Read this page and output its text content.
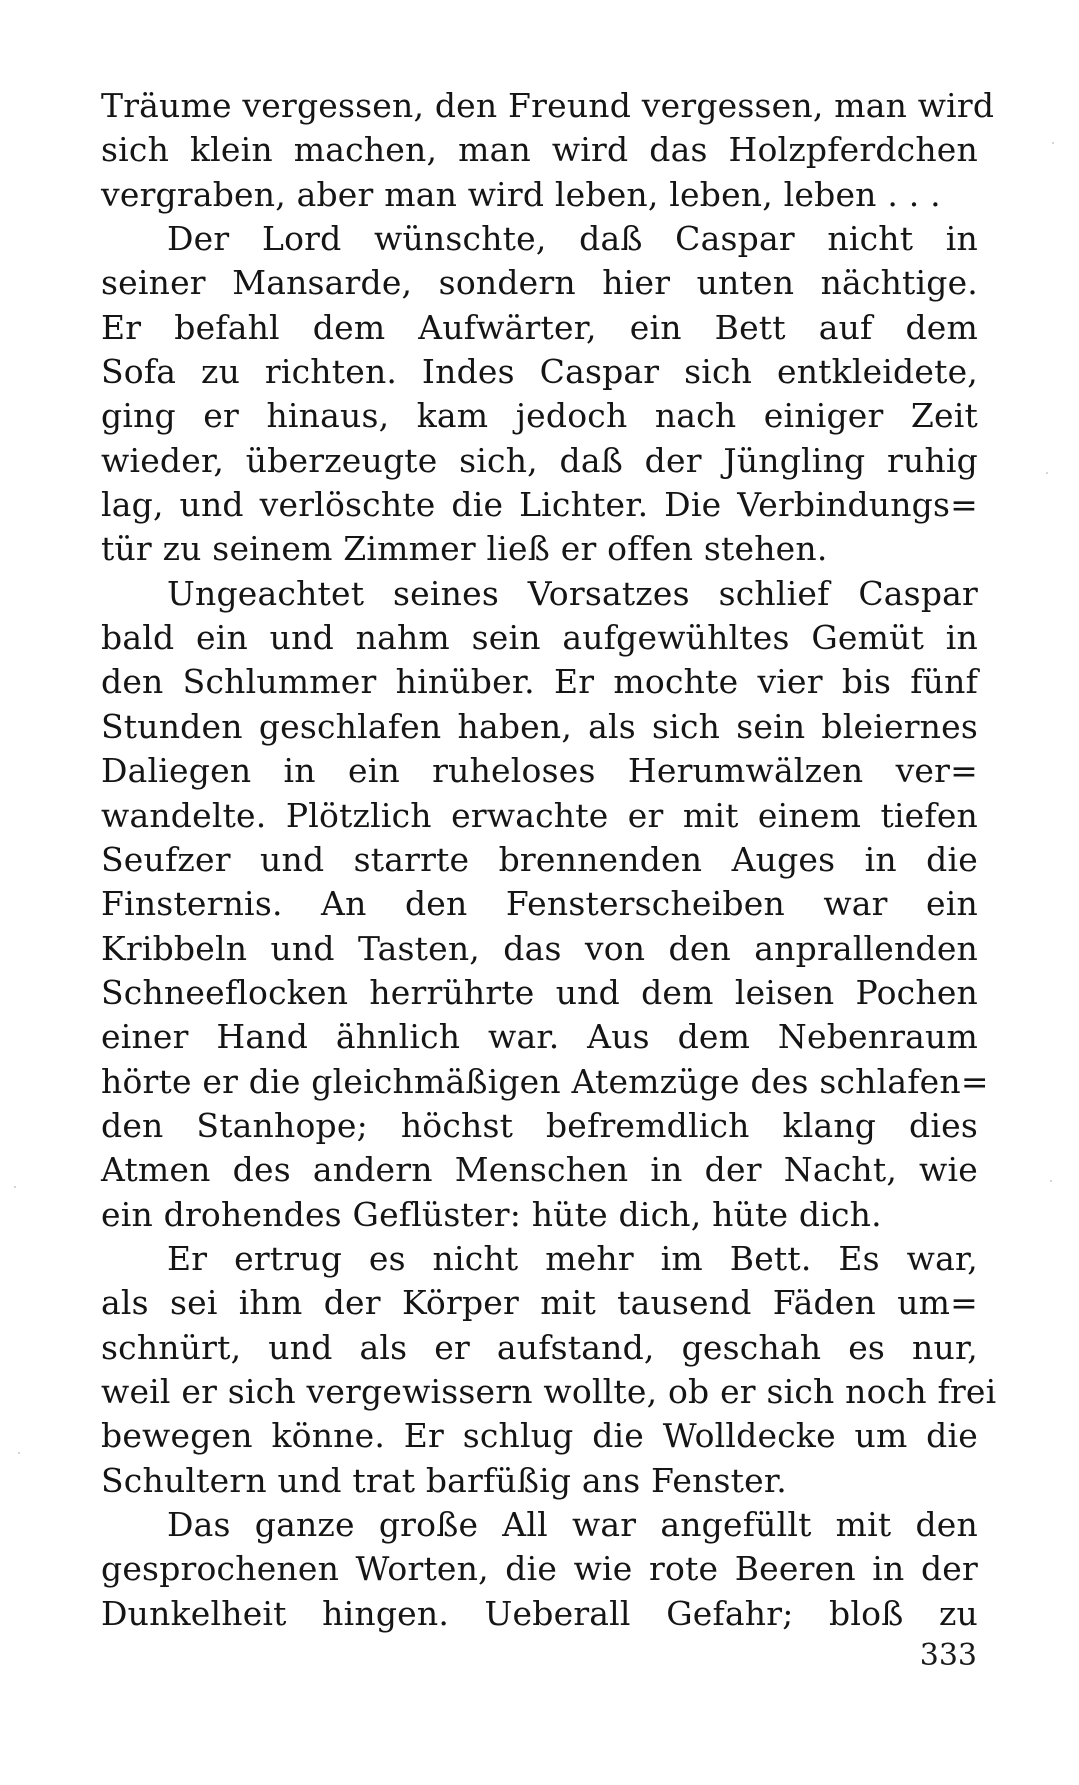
Träume vergessen, den Freund vergessen, man wird
sich klein machen, man wird das Holzpferdchen
vergraben, aber man wird leben, leben, leben . . .
Der Lord wünschte, daß Caspar nicht in
seiner Mansarde, sondern hier unten nächtige.
Er befahl dem Aufwärter, ein Bett auf dem
Sofa zu richten. Indes Caspar sich entkleidete,
ging er hinaus, kam jedoch nach einiger Zeit
wieder, überzeugte sich, daß der Jüngling ruhig
lag, und verlöschte die Lichter. Die Verbindungs=
tür zu seinem Zimmer ließ er offen stehen.
Ungeachtet seines Vorsatzes schlief Caspar
bald ein und nahm sein aufgewühltes Gemüt in
den Schlummer hinüber. Er mochte vier bis fünf
Stunden geschlafen haben, als sich sein bleiernes
Daliegen in ein ruheloses Herumwälzen ver=
wandelte. Plötzlich erwachte er mit einem tiefen
Seufzer und starrte brennenden Auges in die
Finsternis. An den Fensterscheiben war ein
Kribbeln und Tasten, das von den anprallenden
Schneeflocken herrührte und dem leisen Pochen
einer Hand ähnlich war. Aus dem Nebenraum
hörte er die gleichmäßigen Atemzüge des schlafen=
den Stanhope; höchst befremdlich klang dies
Atmen des andern Menschen in der Nacht, wie
ein drohendes Geflüster: hüte dich, hüte dich.
Er ertrug es nicht mehr im Bett. Es war,
als sei ihm der Körper mit tausend Fäden um=
schnürt, und als er aufstand, geschah es nur,
weil er sich vergewissern wollte, ob er sich noch frei
bewegen könne. Er schlug die Wolldecke um die
Schultern und trat barfüßig ans Fenster.
Das ganze große All war angefüllt mit den
gesprochenen Worten, die wie rote Beeren in der
Dunkelheit hingen. Ueberall Gefahr; bloß zu
333
